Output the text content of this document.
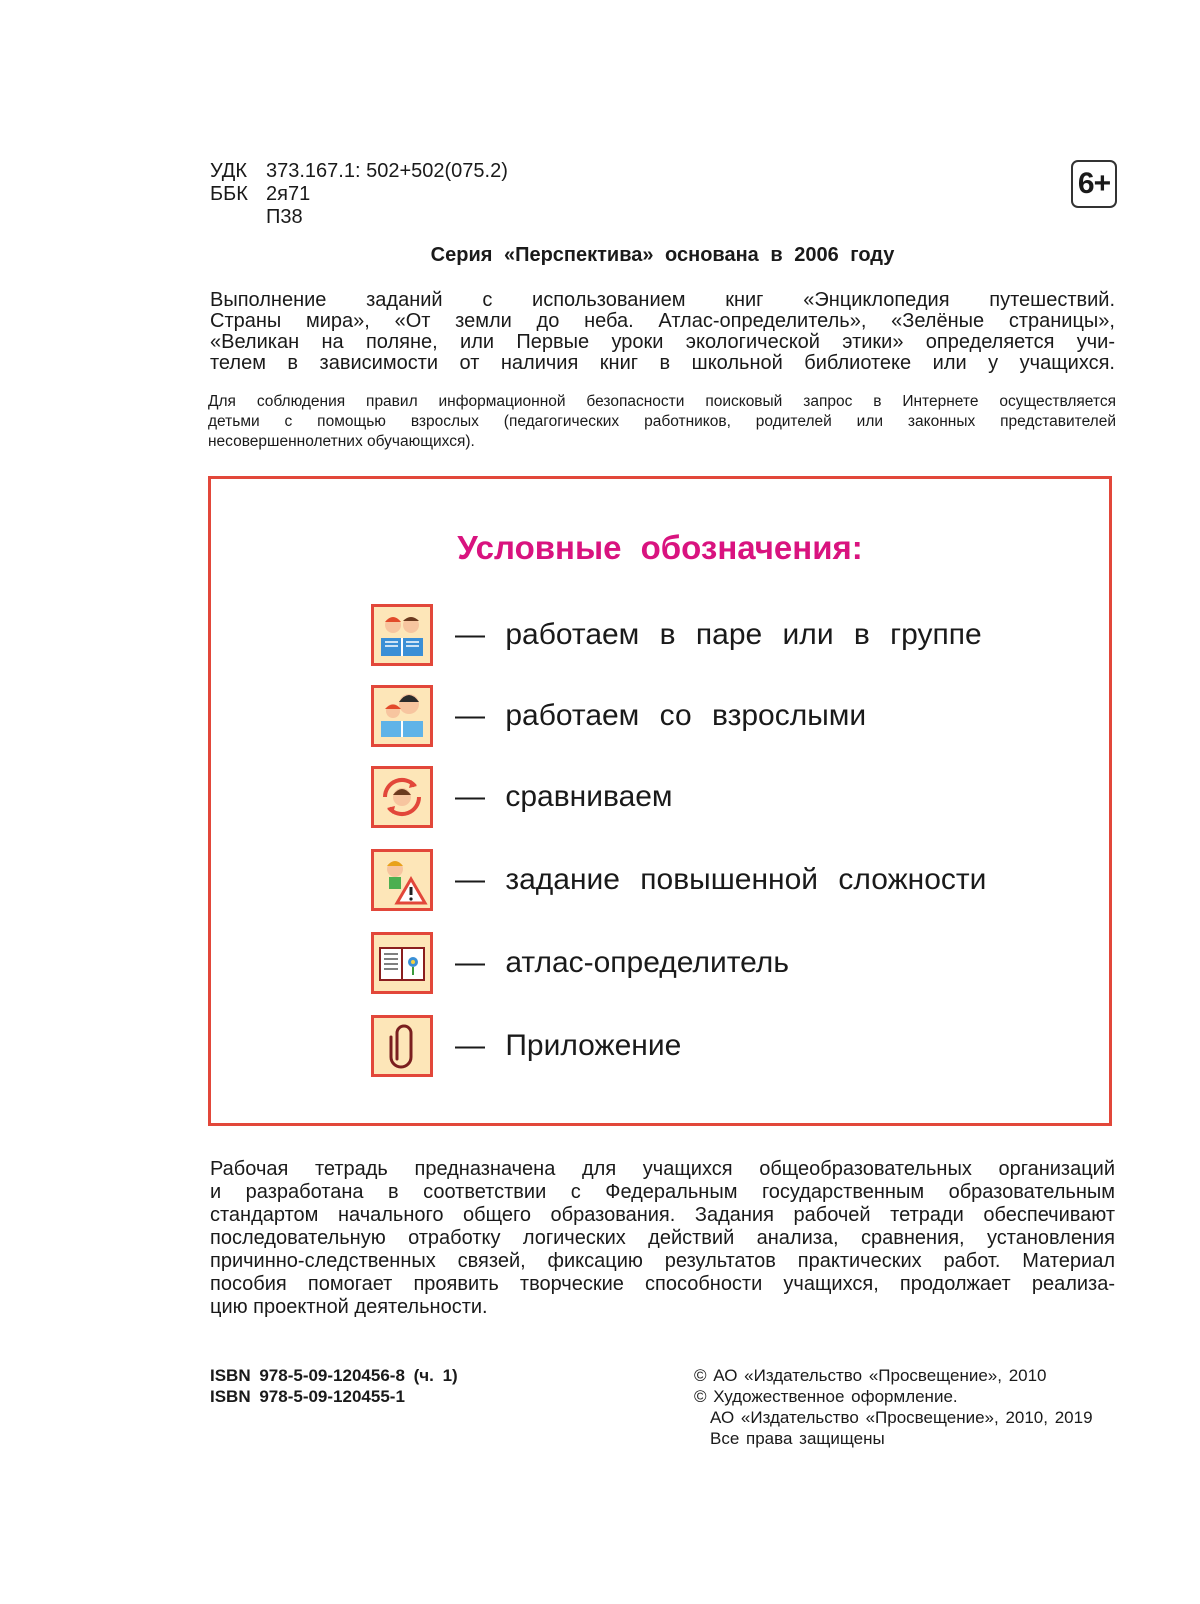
УДК 373.167.1: 502+502(075.2)
ББК 2я71
П38
6+
Серия «Перспектива» основана в 2006 году
Выполнение заданий с использованием книг «Энциклопедия путешествий.
Страны мира», «От земли до неба. Атлас-определитель», «Зелёные страницы»,
«Великан на поляне, или Первые уроки экологической этики» определяется учи-
телем в зависимости от наличия книг в школьной библиотеке или у учащихся.
Для соблюдения правил информационной безопасности поисковый запрос в Интернете осуществляется
детьми с помощью взрослых (педагогических работников, родителей или законных представителей
несовершеннолетних обучающихся).
Условные обозначения:
— работаем в паре или в группе
— работаем со взрослыми
— сравниваем
— задание повышенной сложности
— атлас-определитель
— Приложение
Рабочая тетрадь предназначена для учащихся общеобразовательных организаций
и разработана в соответствии с Федеральным государственным образовательным
стандартом начального общего образования. Задания рабочей тетради обеспечивают
последовательную отработку логических действий анализа, сравнения, установления
причинно-следственных связей, фиксацию результатов практических работ. Материал
пособия помогает проявить творческие способности учащихся, продолжает реализа-
цию проектной деятельности.
ISBN 978-5-09-120456-8 (ч. 1)
ISBN 978-5-09-120455-1
© АО «Издательство «Просвещение», 2010
© Художественное оформление.
АО «Издательство «Просвещение», 2010, 2019
Все права защищены
